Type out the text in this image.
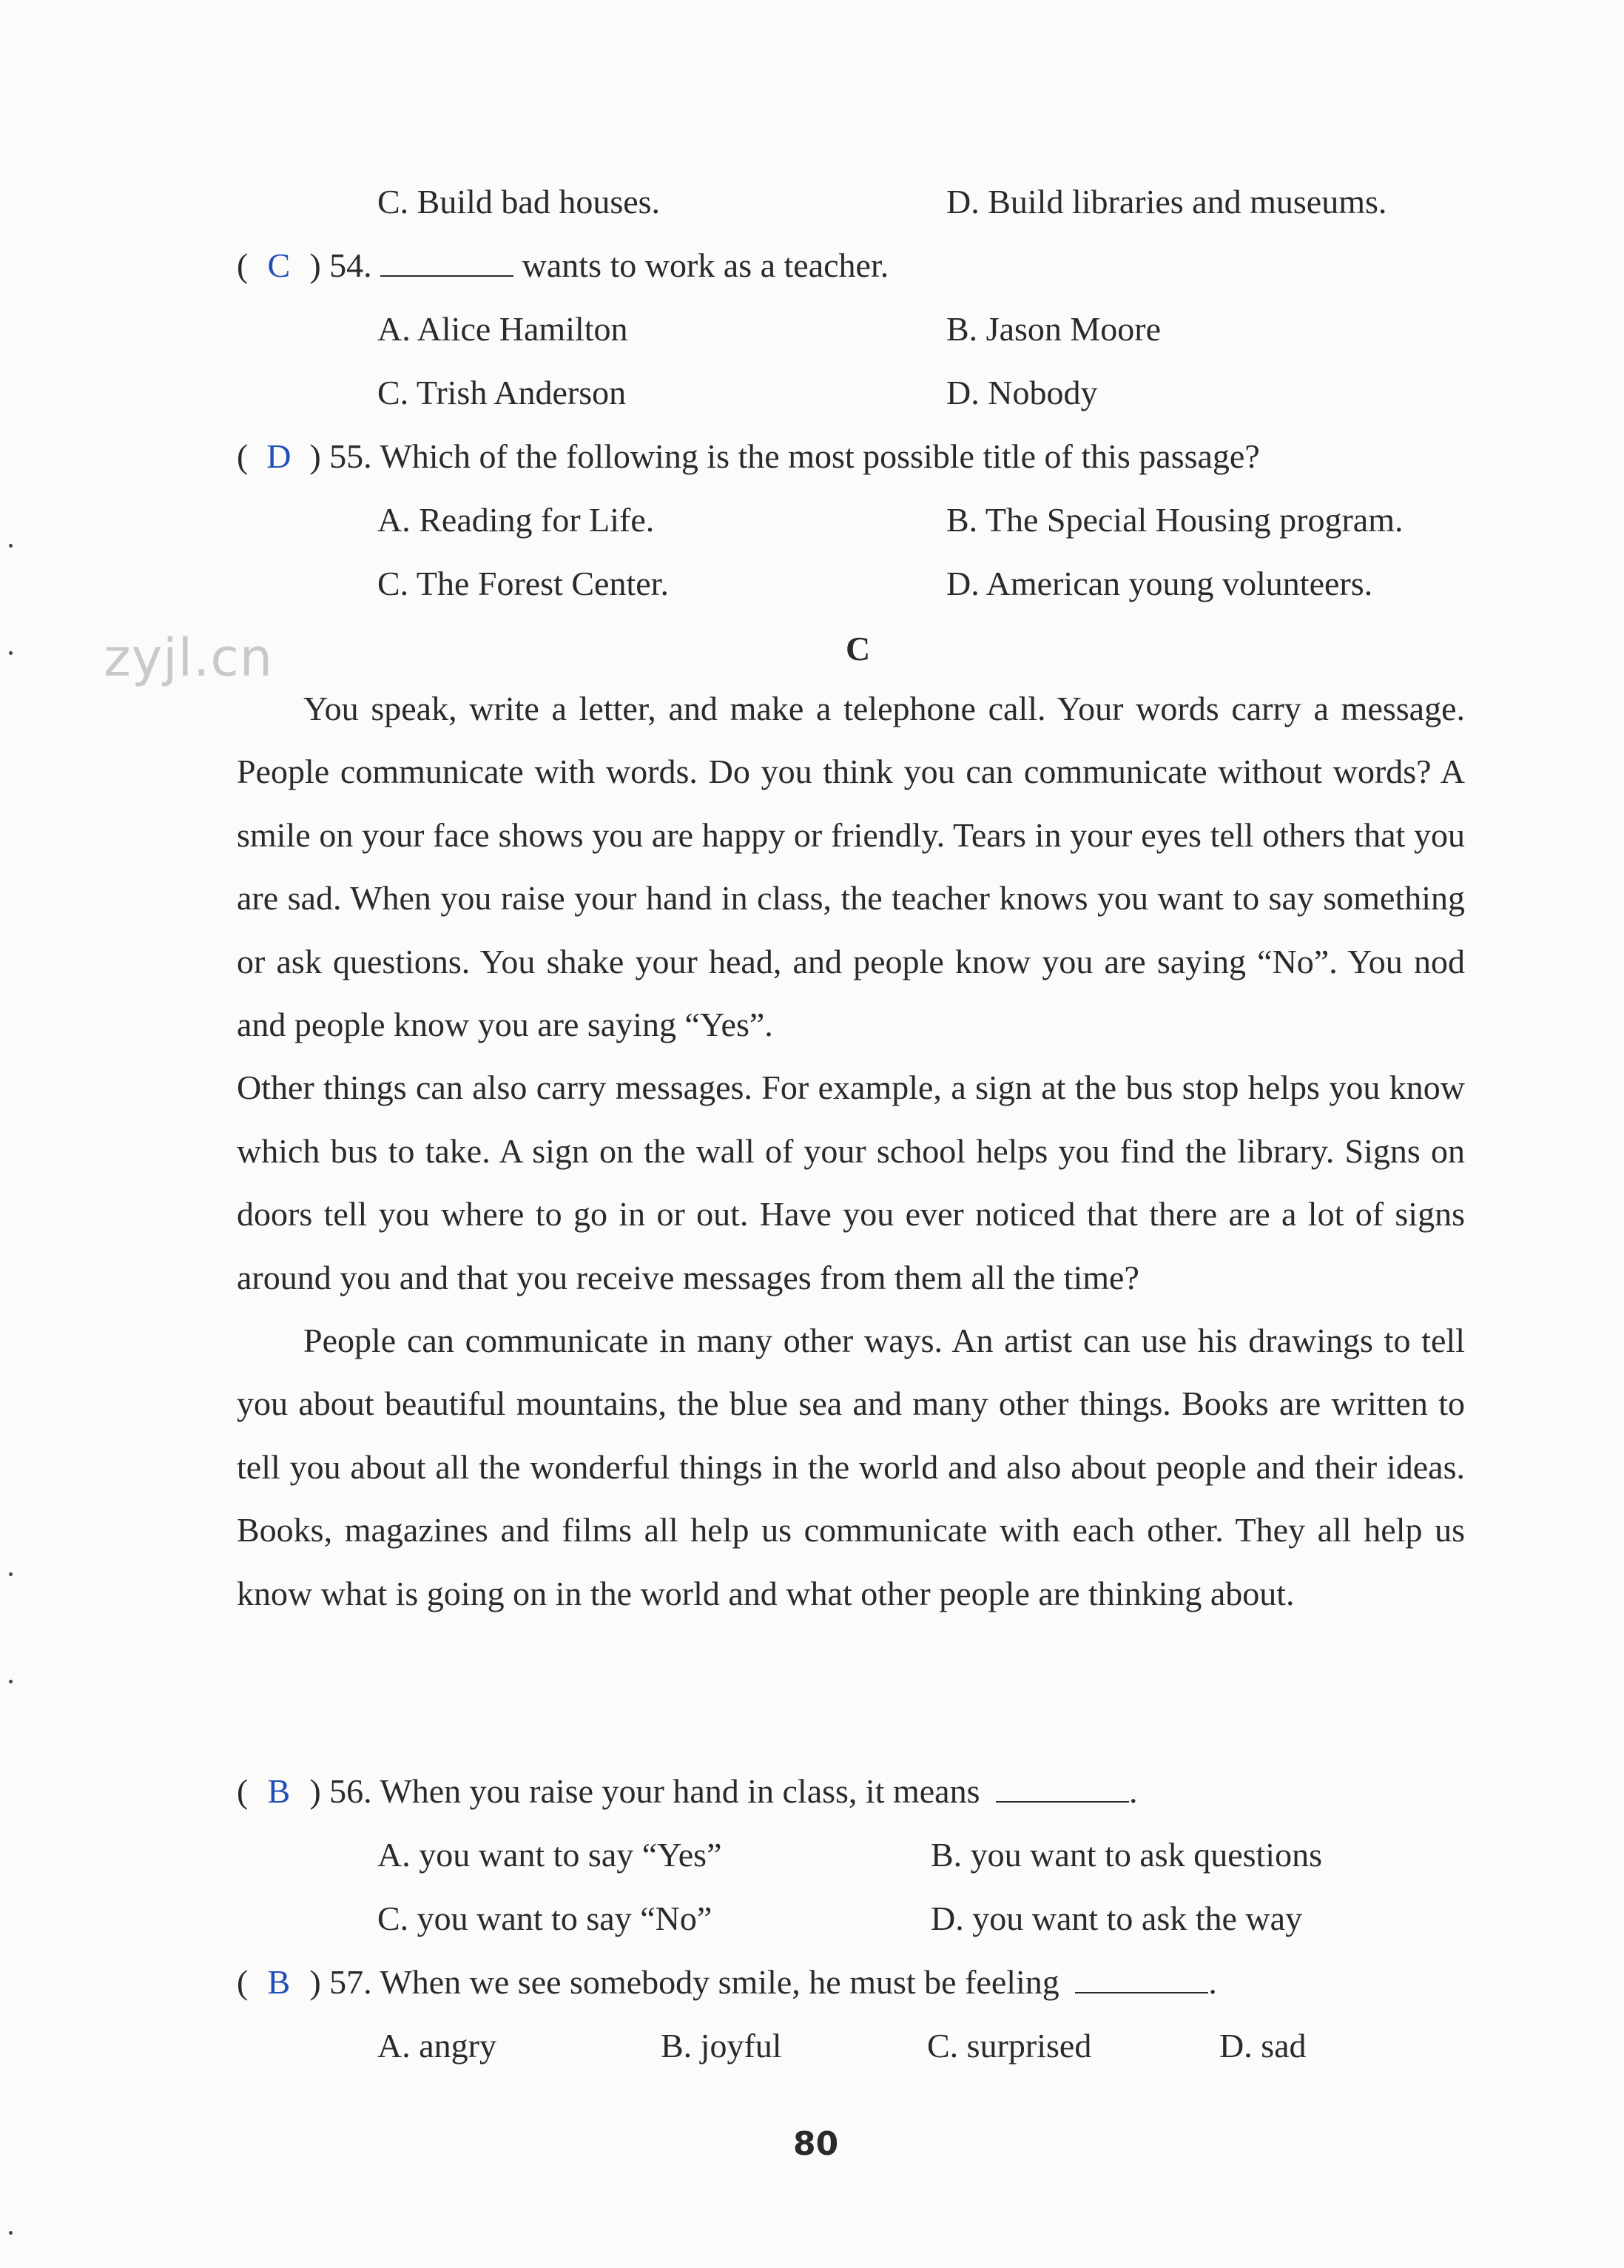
C. Build bad houses.	D. Build libraries and museums.
( C ) 54.	wants to work as a teacher.
A. Alice Hamilton	B. Jason Moore
C. Trish Anderson	D. Nobody
( D ) 55. Which of the following is the most possible title of this passage?
A. Reading for Life.	B. The Special Housing program.
C. The Forest Center.	D. American young volunteers.
zyjl.cn	C

You speak, write a letter, and make a telephone call. Your words carry a message. People communicate with words. Do you think you can communicate without words? A smile on your face shows you are happy or friendly. Tears in your eyes tell others that you are sad. When you raise your hand in class, the teacher knows you want to say something or ask questions. You shake your head, and people know you are saying “No”. You nod and people know you are saying “Yes”.

Other things can also carry messages. For example, a sign at the bus stop helps you know which bus to take. A sign on the wall of your school helps you find the library. Signs on doors tell you where to go in or out. Have you ever noticed that there are a lot of signs around you and that you receive messages from them all the time?

People can communicate in many other ways. An artist can use his drawings to tell you about beautiful mountains, the blue sea and many other things. Books are written to tell you about all the wonderful things in the world and also about people and their ideas. Books, magazines and films all help us communicate with each other. They all help us know what is going on in the world and what other people are thinking about.

( B ) 56. When you raise your hand in class, it means	.
A. you want to say “Yes”	B. you want to ask questions
C. you want to say “No”	D. you want to ask the way
( B ) 57. When we see somebody smile, he must be feeling	.
A. angry	B. joyful	C. surprised	D. sad
80
